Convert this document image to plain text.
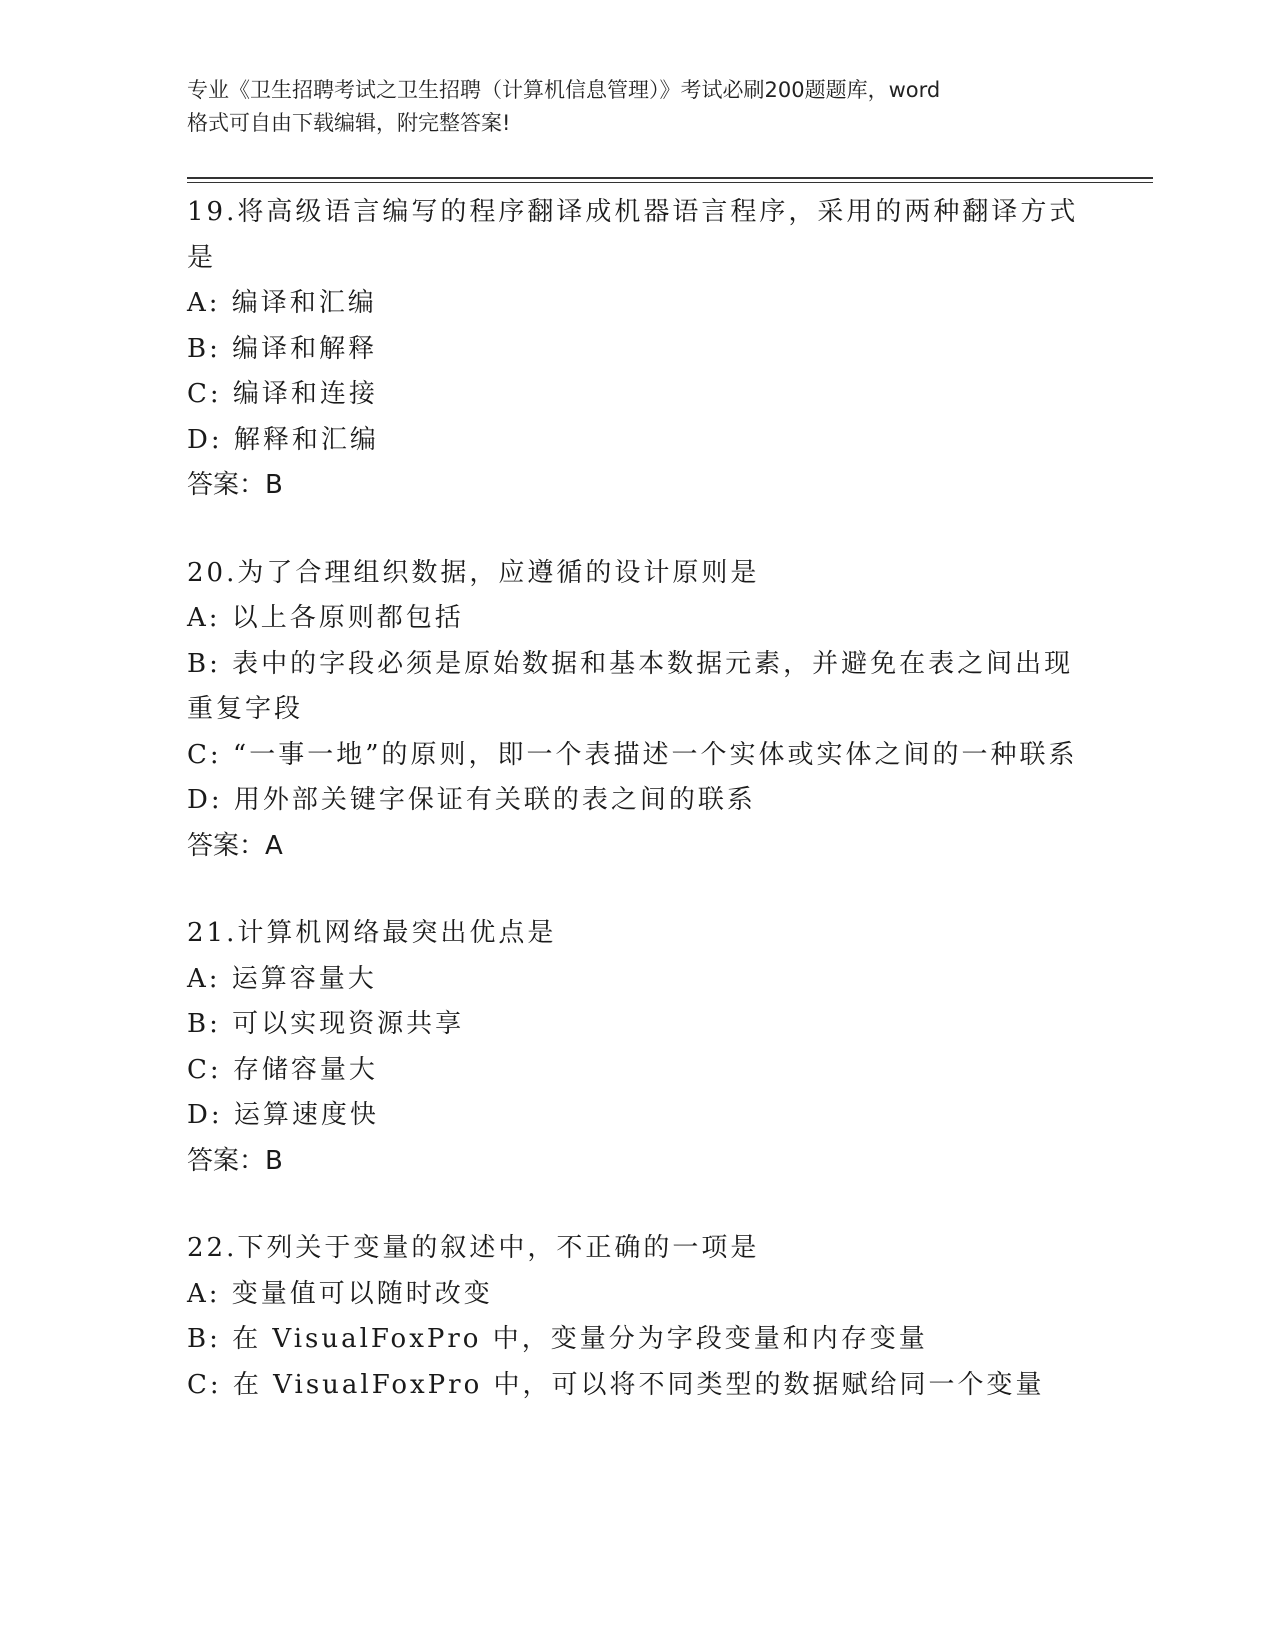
专业《卫生招聘考试之卫生招聘（计算机信息管理）》考试必刷200题题库，word
格式可自由下载编辑，附完整答案!
19.将高级语言编写的程序翻译成机器语言程序，采用的两种翻译方式是
A: 编译和汇编
B: 编译和解释
C: 编译和连接
D: 解释和汇编
答案：B
20.为了合理组织数据，应遵循的设计原则是
A: 以上各原则都包括
B: 表中的字段必须是原始数据和基本数据元素，并避免在表之间出现重复字段
C: “一事一地”的原则，即一个表描述一个实体或实体之间的一种联系
D: 用外部关键字保证有关联的表之间的联系
答案：A
21.计算机网络最突出优点是
A: 运算容量大
B: 可以实现资源共享
C: 存储容量大
D: 运算速度快
答案：B
22.下列关于变量的叙述中，不正确的一项是
A: 变量值可以随时改变
B: 在 VisualFoxPro 中，变量分为字段变量和内存变量
C: 在 VisualFoxPro 中，可以将不同类型的数据赋给同一个变量
